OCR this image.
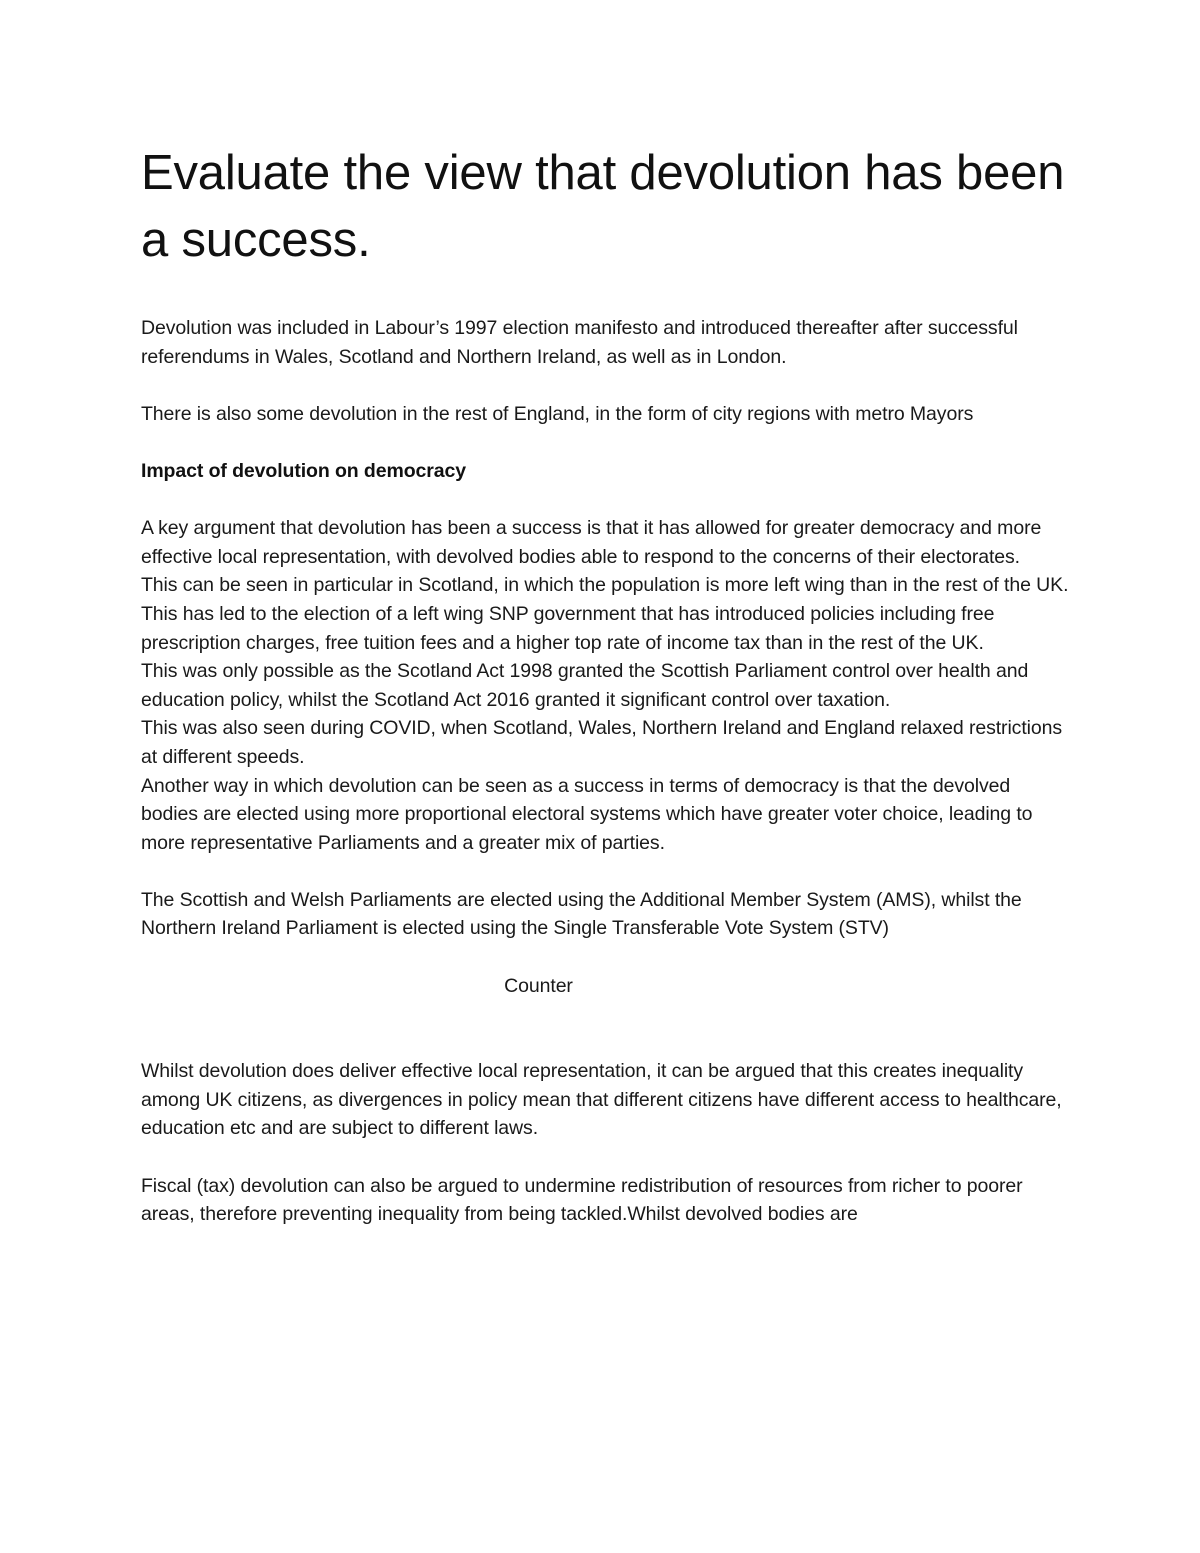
Evaluate the view that devolution has been a success.

Devolution was included in Labour’s 1997 election manifesto and introduced thereafter after successful referendums in Wales, Scotland and Northern Ireland, as well as in London.

There is also some devolution in the rest of England, in the form of city regions with metro Mayors

Impact of devolution on democracy

A key argument that devolution has been a success is that it has allowed for greater democracy and more effective local representation, with devolved bodies able to respond to the concerns of their electorates.

This can be seen in particular in Scotland, in which the population is more left wing than in the rest of the UK. This has led to the election of a left wing SNP government that has introduced policies including free prescription charges, free tuition fees and a higher top rate of income tax than in the rest of the UK.

This was only possible as the Scotland Act 1998 granted the Scottish Parliament control over health and education policy, whilst the Scotland Act 2016 granted it significant control over taxation.

This was also seen during COVID, when Scotland, Wales, Northern Ireland and England relaxed restrictions at different speeds.

Another way in which devolution can be seen as a success in terms of democracy is that the devolved bodies are elected using more proportional electoral systems which have greater voter choice, leading to more representative Parliaments and a greater mix of parties.

The Scottish and Welsh Parliaments are elected using the Additional Member System (AMS), whilst the Northern Ireland Parliament is elected using the Single Transferable Vote System (STV)

Counter

Whilst devolution does deliver effective local representation, it can be argued that this creates inequality among UK citizens, as divergences in policy mean that different citizens have different access to healthcare, education etc and are subject to different laws.

Fiscal (tax) devolution can also be argued to undermine redistribution of resources from richer to poorer areas, therefore preventing inequality from being tackled.Whilst devolved bodies are
